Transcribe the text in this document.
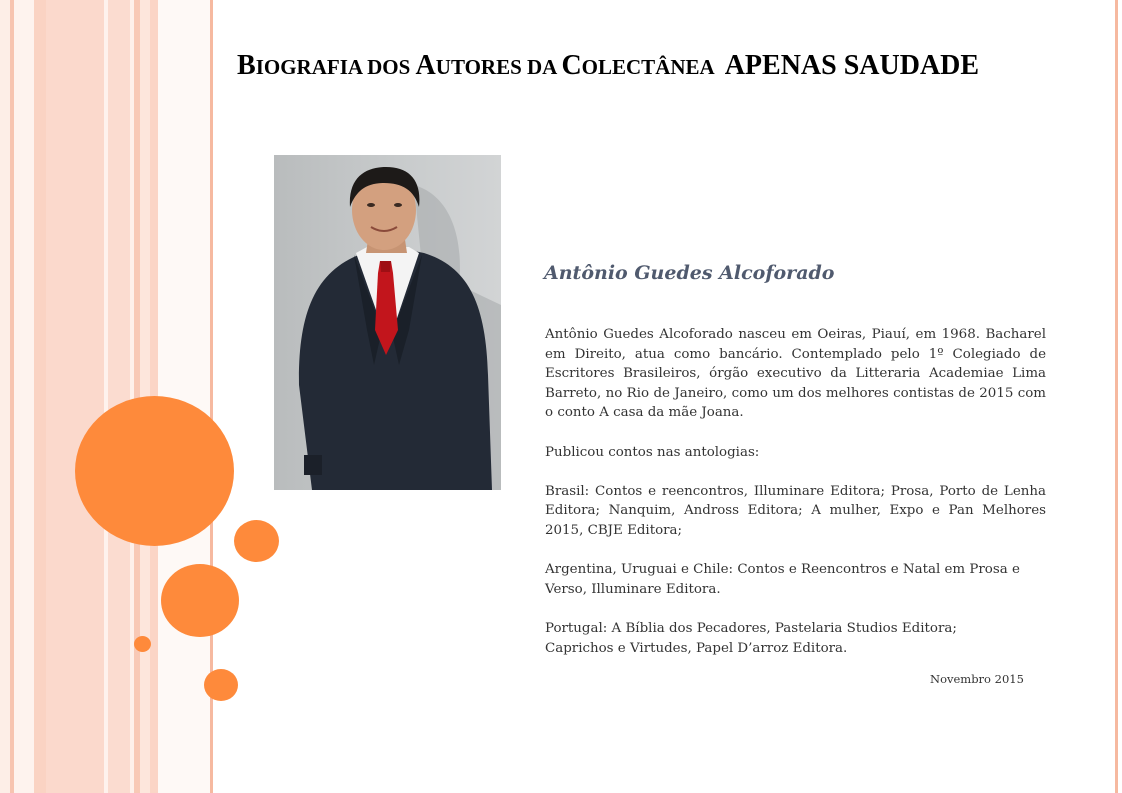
BIOGRAFIA DOS AUTORES DA COLECTÂNEA APENAS SAUDADE
Antônio Guedes Alcoforado

Antônio Guedes Alcoforado nasceu em Oeiras, Piauí, em 1968. Bacharel em Direito, atua como bancário. Contemplado pelo 1º Colegiado de Escritores Brasileiros, órgão executivo da Litteraria Academiae Lima Barreto, no Rio de Janeiro, como um dos melhores contistas de 2015 com o conto A casa da mãe Joana.

Publicou contos nas antologias:

Brasil: Contos e reencontros, Illuminare Editora; Prosa, Porto de Lenha Editora; Nanquim, Andross Editora; A mulher, Expo e Pan Melhores 2015, CBJE Editora;

Argentina, Uruguai e Chile: Contos e Reencontros e Natal em Prosa e Verso, Illuminare Editora.

Portugal: A Bíblia dos Pecadores, Pastelaria Studios Editora;
Caprichos e Virtudes, Papel D’arroz Editora.

Novembro 2015
